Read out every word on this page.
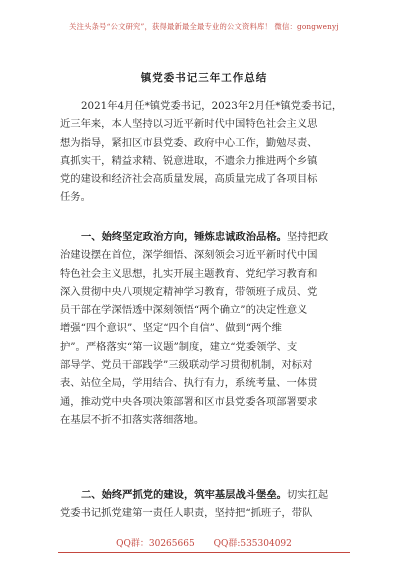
关注头条号“公文研究”，获得最新最全最专业的公文资料库！ 微信：gongwenyj
镇党委书记三年工作总结
2021年4月任*镇党委书记，2023年2月任*镇党委书记，
近三年来，本人坚持以习近平新时代中国特色社会主义思
想为指导，紧扣区市县党委、政府中心工作，勤勉尽责、
真抓实干，精益求精、锐意进取，不遗余力推进两个乡镇
党的建设和经济社会高质量发展，高质量完成了各项目标
任务。
一、始终坚定政治方向，锤炼忠诚政治品格。坚持把政
治建设摆在首位，深学细悟、深刻领会习近平新时代中国
特色社会主义思想，扎实开展主题教育、党纪学习教育和
深入贯彻中央八项规定精神学习教育，带领班子成员、党
员干部在学深悟透中深刻领悟“两个确立”的决定性意义
增强“四个意识”、坚定“四个自信”、做到“两个维
护”。严格落实“第一议题”制度，建立“党委领学、支
部导学、党员干部践学”三级联动学习贯彻机制，对标对
表、站位全局，学用结合、执行有力，系统考量、一体贯
通，推动党中央各项决策部署和区市县党委各项部署要求
在基层不折不扣落实落细落地。
二、始终严抓党的建设，筑牢基层战斗堡垒。切实扛起
党委书记抓党建第一责任人职责，坚持把“抓班子，带队
QQ群：30265665 QQ群:535304092
